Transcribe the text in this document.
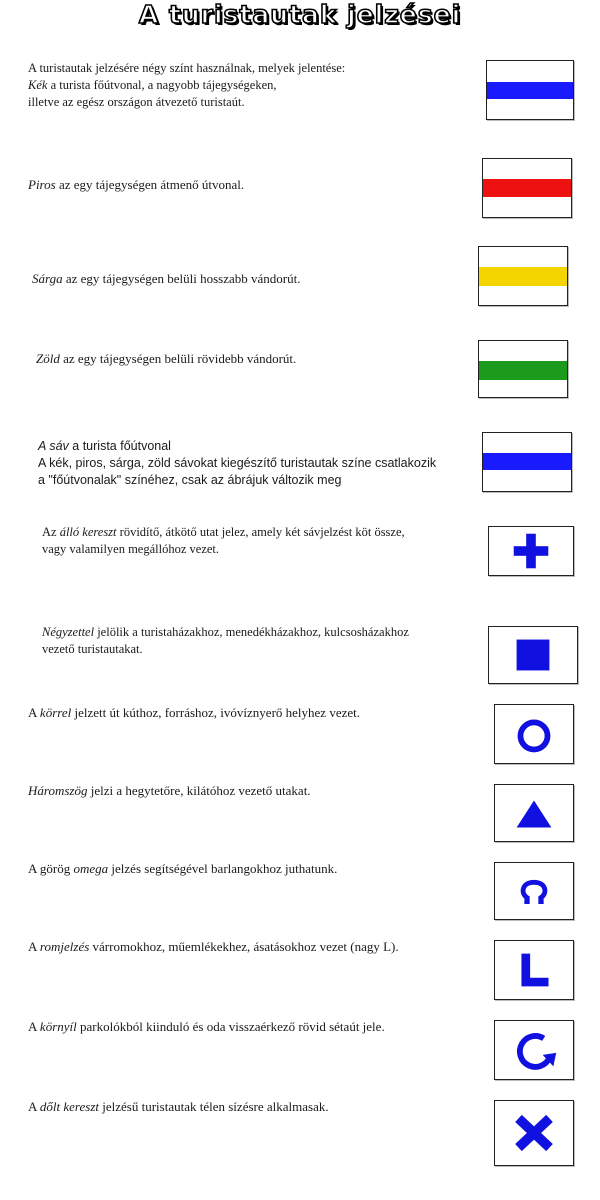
A turistautak jelzései
A turistautak jelzésére négy színt használnak, melyek jelentése:
Kék a turista főútvonal, a nagyobb tájegységeken,
illetve az egész országon átvezető turistaút.
Piros az egy tájegységen átmenő útvonal.
Sárga az egy tájegységen belüli hosszabb vándorút.
Zöld az egy tájegységen belüli rövidebb vándorút.
A sáv a turista főútvonal
A kék, piros, sárga, zöld sávokat kiegészítő turistautak színe csatlakozik
a "főútvonalak" színéhez, csak az ábrájuk változik meg
Az álló kereszt rövidítő, átkötő utat jelez, amely két sávjelzést köt össze,
vagy valamilyen megállóhoz vezet.
Négyzettel jelölik a turistaházakhoz, menedékházakhoz, kulcsosházakhoz
vezető turistautakat.
A körrel jelzett út kúthoz, forráshoz, ivóvíznyerő helyhez vezet.
Háromszög jelzi a hegytetőre, kilátóhoz vezető utakat.
A görög omega jelzés segítségével barlangokhoz juthatunk.
A romjelzés várromokhoz, műemlékekhez, ásatásokhoz vezet (nagy L).
A környíl parkolókból kiinduló és oda visszaérkező rövid sétaút jele.
A dőlt kereszt jelzésű turistautak télen sízésre alkalmasak.
